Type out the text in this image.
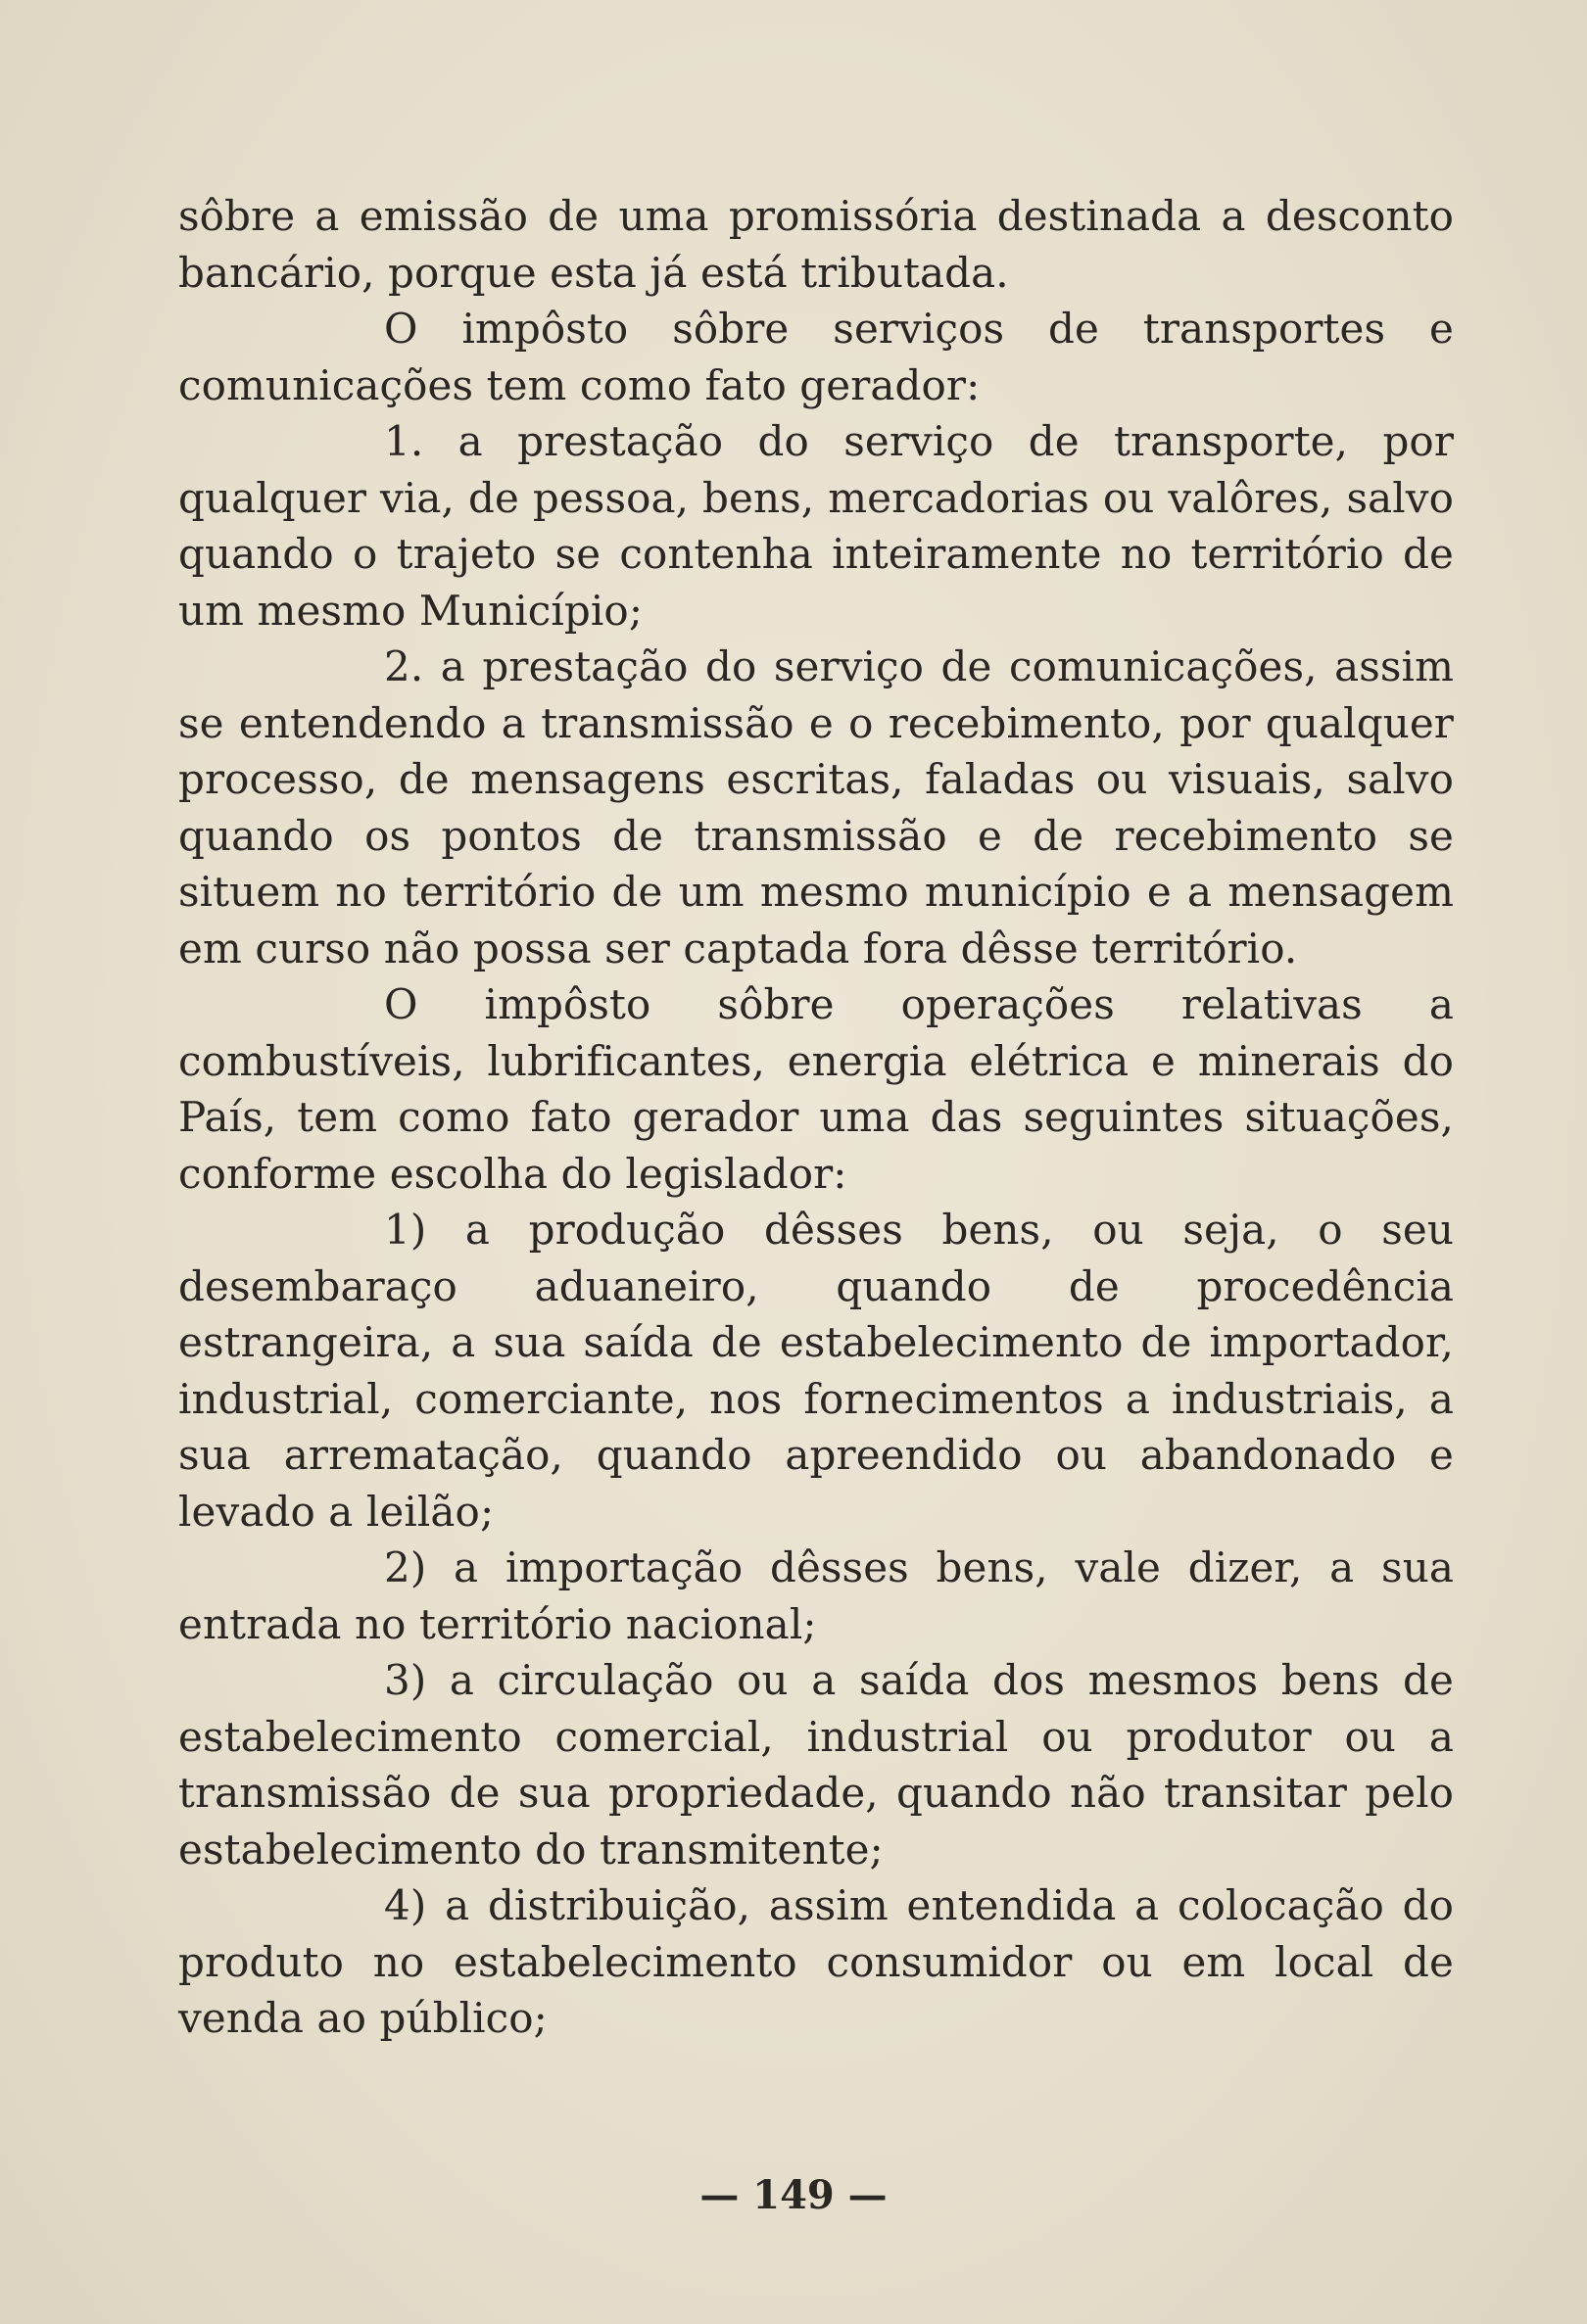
sôbre a emissão de uma promissória destinada a desconto bancário, porque esta já está tributada.

O impôsto sôbre serviços de transportes e comunicações tem como fato gerador:

1. a prestação do serviço de transporte, por qualquer via, de pessoa, bens, mercadorias ou valôres, salvo quando o trajeto se contenha inteiramente no território de um mesmo Município;

2. a prestação do serviço de comunicações, assim se entendendo a transmissão e o recebimento, por qualquer processo, de mensagens escritas, faladas ou visuais, salvo quando os pontos de transmissão e de recebimento se situem no território de um mesmo município e a mensagem em curso não possa ser captada fora dêsse território.

O impôsto sôbre operações relativas a combustíveis, lubrificantes, energia elétrica e minerais do País, tem como fato gerador uma das seguintes situações, conforme escolha do legislador:

1) a produção dêsses bens, ou seja, o seu desembaraço aduaneiro, quando de procedência estrangeira, a sua saída de estabelecimento de importador, industrial, comerciante, nos fornecimentos a industriais, a sua arrematação, quando apreendido ou abandonado e levado a leilão;

2) a importação dêsses bens, vale dizer, a sua entrada no território nacional;

3) a circulação ou a saída dos mesmos bens de estabelecimento comercial, industrial ou produtor ou a transmissão de sua propriedade, quando não transitar pelo estabelecimento do transmitente;

4) a distribuição, assim entendida a colocação do produto no estabelecimento consumidor ou em local de venda ao público;

— 149 —
